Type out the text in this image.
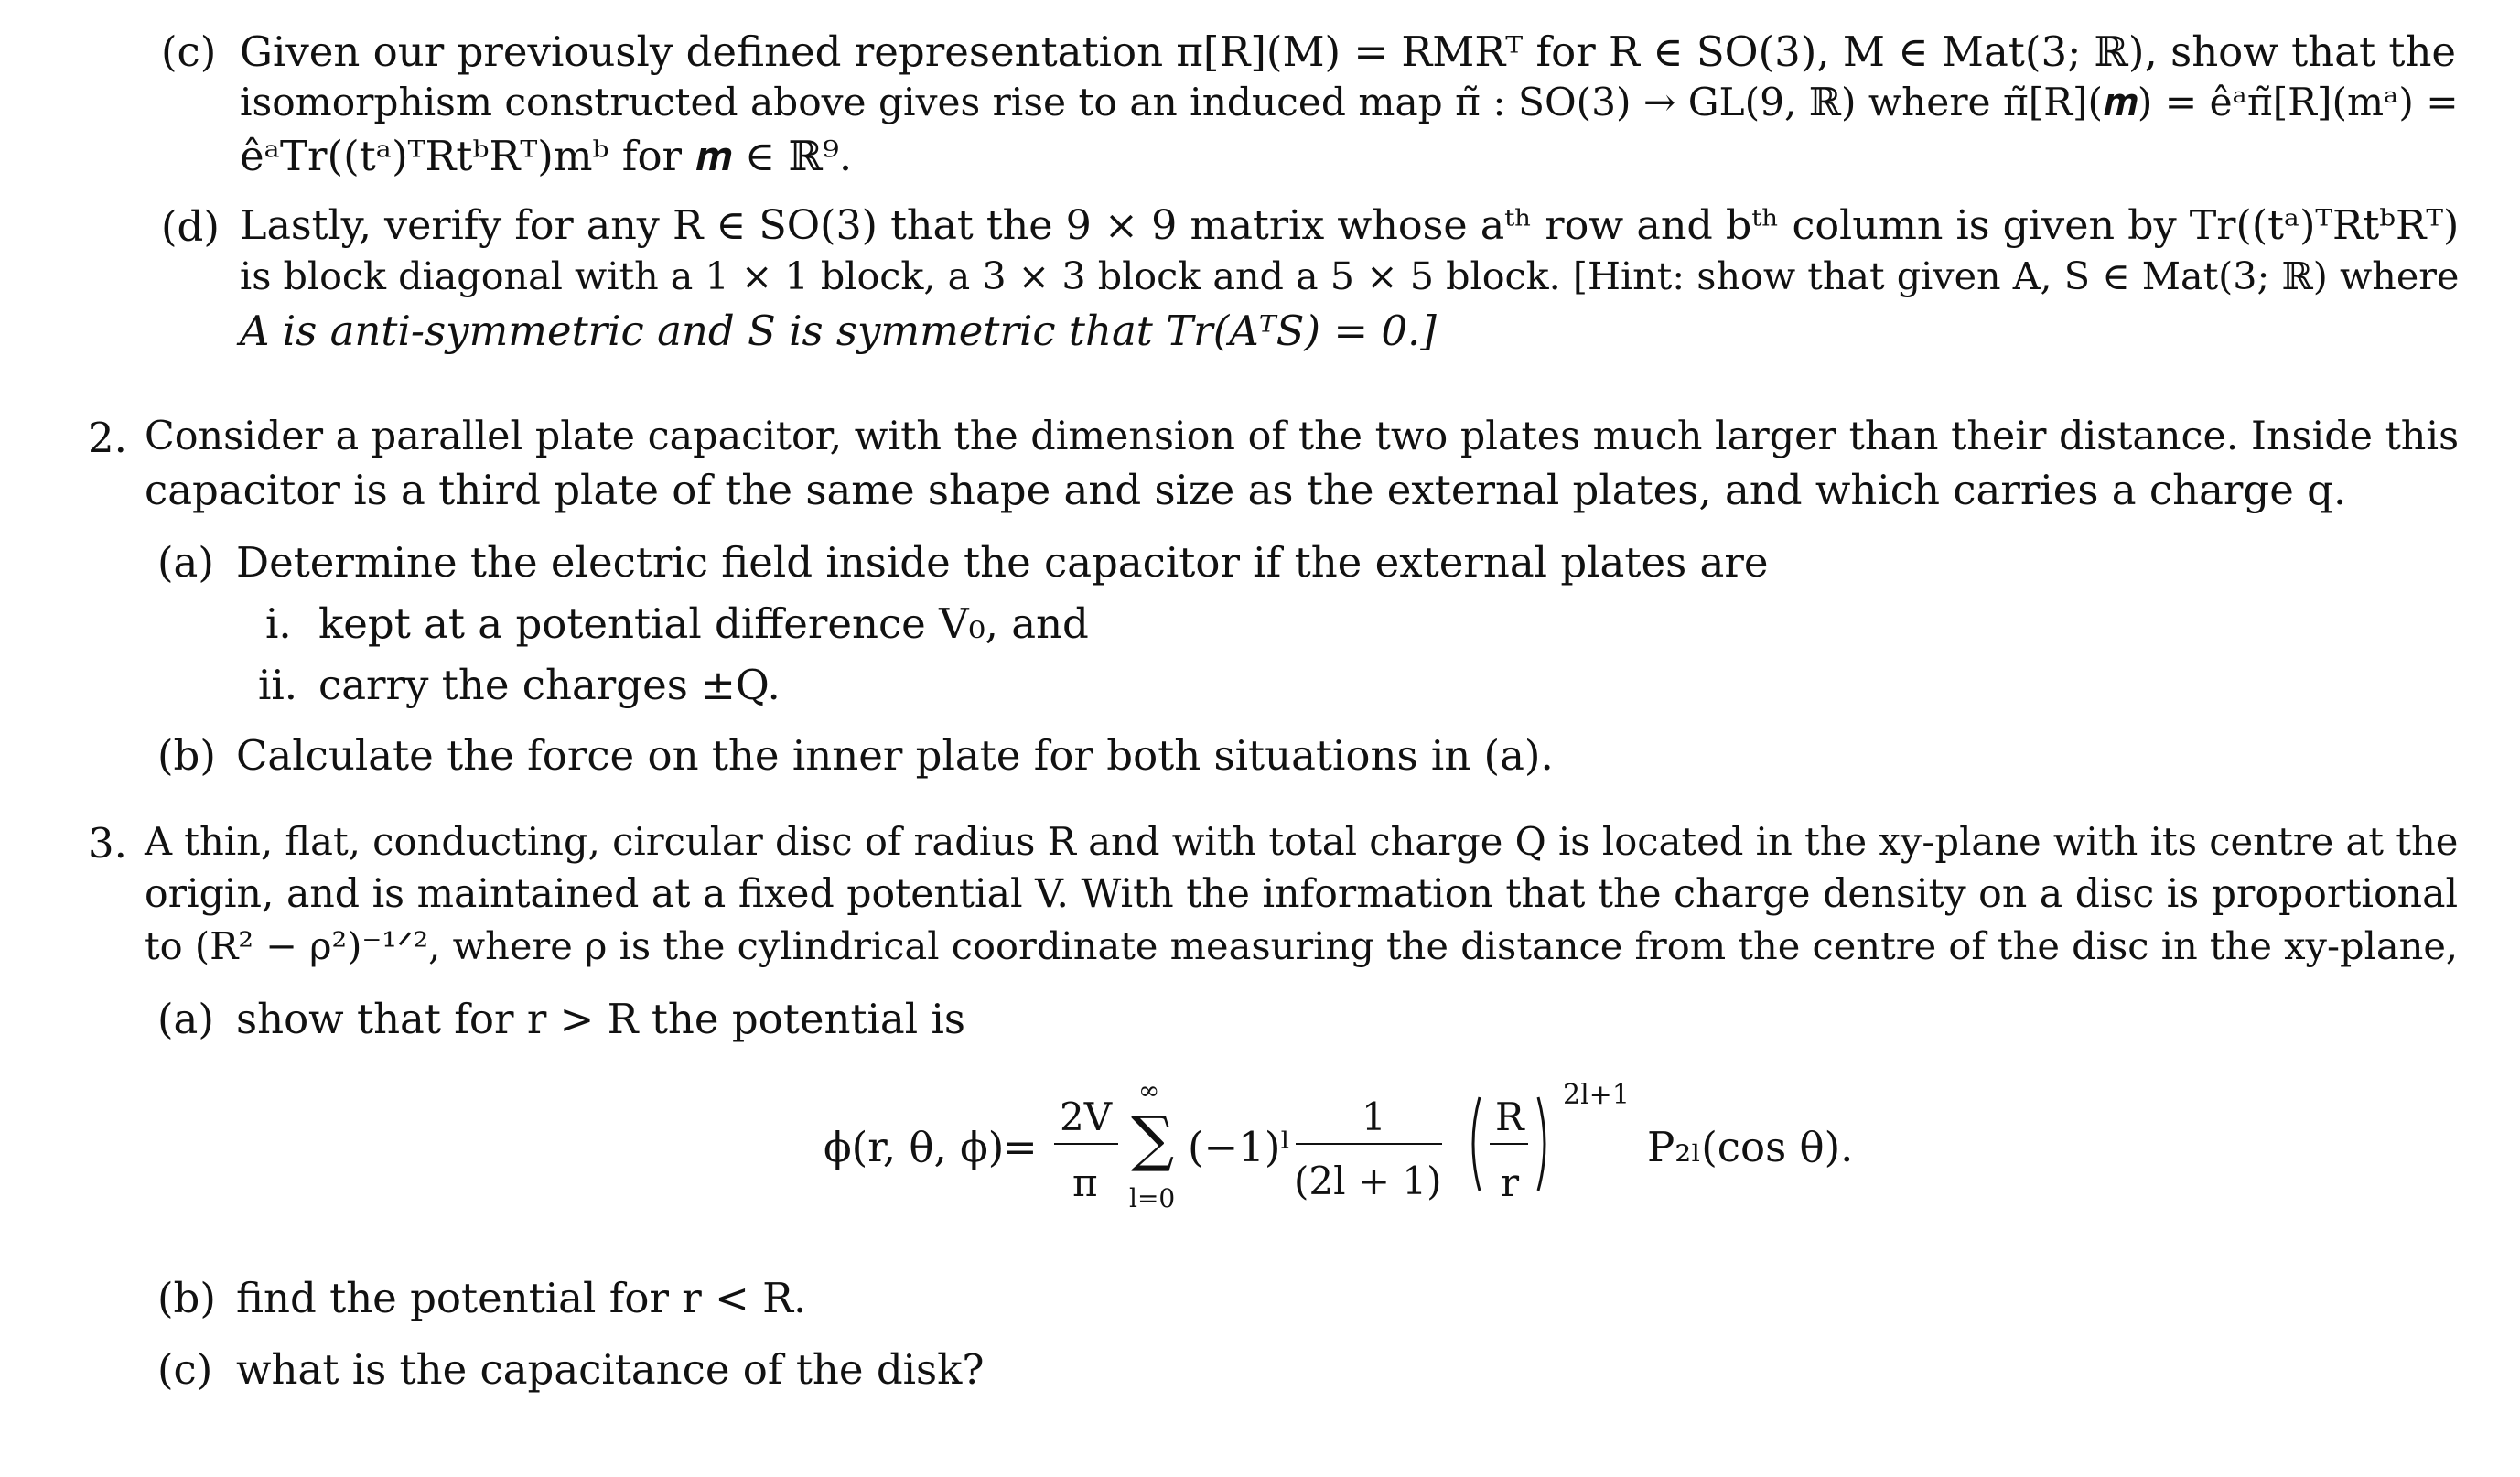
(c) Given our previously defined representation π[R](M) = RMRᵀ for R ∈ SO(3), M ∈ Mat(3; ℝ), show that the
isomorphism constructed above gives rise to an induced map π̃ : SO(3) → GL(9, ℝ) where π̃[R](𝒎) = êᵃπ̃[R](mᵃ) =
êᵃTr((tᵃ)ᵀRtᵇRᵀ)mᵇ for 𝒎 ∈ ℝ⁹.
(d) Lastly, verify for any R ∈ SO(3) that the 9 × 9 matrix whose aᵗʰ row and bᵗʰ column is given by Tr((tᵃ)ᵀRtᵇRᵀ)
is block diagonal with a 1 × 1 block, a 3 × 3 block and a 5 × 5 block. [Hint: show that given A, S ∈ Mat(3; ℝ) where
A is anti-symmetric and S is symmetric that Tr(AᵀS) = 0.]
2. Consider a parallel plate capacitor, with the dimension of the two plates much larger than their distance. Inside this
capacitor is a third plate of the same shape and size as the external plates, and which carries a charge q.
(a) Determine the electric field inside the capacitor if the external plates are
i. kept at a potential difference V₀, and
ii. carry the charges ±Q.
(b) Calculate the force on the inner plate for both situations in (a).
3. A thin, flat, conducting, circular disc of radius R and with total charge Q is located in the xy-plane with its centre at the
origin, and is maintained at a fixed potential V. With the information that the charge density on a disc is proportional
to (R² − ρ²)⁻¹ᐟ², where ρ is the cylindrical coordinate measuring the distance from the centre of the disc in the xy-plane,
(a) show that for r > R the potential is
ϕ(r, θ, ϕ)
=
2V
π
∞
∑
l=0
(−1)ˡ
1
(2l + 1)
R
r
2l+1
P₂ₗ(cos θ).
(b) find the potential for r < R.
(c) what is the capacitance of the disk?
